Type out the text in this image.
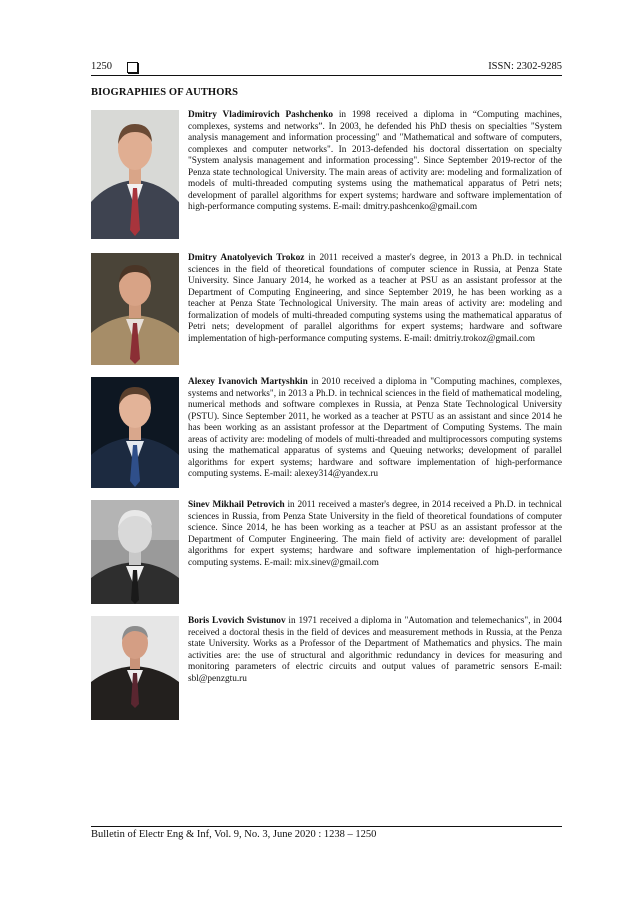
1250	ISSN: 2302-9285
BIOGRAPHIES OF AUTHORS
Dmitry Vladimirovich Pashchenko in 1998 received a diploma in “Computing machines, complexes, systems and networks”. In 2003, he defended his PhD thesis on specialties "System analysis management and information processing" and "Mathematical and software of computers, complexes and computer networks". In 2013-defended his doctoral dissertation on specialty "System analysis management and information processing". Since September 2019-rector of the Penza state technological University. The main areas of activity are: modeling and formalization of models of multi-threaded computing systems using the mathematical apparatus of Petri nets; development of parallel algorithms for expert systems; hardware and software implementation of high-performance computing systems. E-mail: dmitry.pashcenko@gmail.com
Dmitry Anatolyevich Trokoz in 2011 received a master's degree, in 2013 a Ph.D. in technical sciences in the field of theoretical foundations of computer science in Russia, at Penza State University. Since January 2014, he worked as a teacher at PSU as an assistant professor at the Department of Computing Engineering, and since September 2019, he has been working as a teacher at Penza State Technological University. The main areas of activity are: modeling and formalization of models of multi-threaded computing systems using the mathematical apparatus of Petri nets; development of parallel algorithms for expert systems; hardware and software implementation of high-performance computing systems. E-mail: dmitriy.trokoz@gmail.com
Alexey Ivanovich Martyshkin in 2010 received a diploma in "Computing machines, complexes, systems and networks", in 2013 a Ph.D. in technical sciences in the field of mathematical modeling, numerical methods and software complexes in Russia, at Penza State Technological University (PSTU). Since September 2011, he worked as a teacher at PSTU as an assistant and since 2014 he has been working as an assistant professor at the Department of Computing Systems. The main areas of activity are: modeling of models of multi-threaded and multiprocessors computing systems using the mathematical apparatus of systems and Queuing networks; development of parallel algorithms for expert systems; hardware and software implementation of high-performance computing systems. E-mail: alexey314@yandex.ru
Sinev Mikhail Petrovich in 2011 received a master's degree, in 2014 received a Ph.D. in technical sciences in Russia, from Penza State University in the field of theoretical foundations of computer science. Since 2014, he has been working as a teacher at PSU as an assistant professor at the Department of Computer Engineering. The main field of activity are: development of parallel algorithms for expert systems; hardware and software implementation of high-performance computing systems. E-mail: mix.sinev@gmail.com
Boris Lvovich Svistunov in 1971 received a diploma in "Automation and telemechanics", in 2004 received a doctoral thesis in the field of devices and measurement methods in Russia, at the Penza state University. Works as a Professor of the Department of Mathematics and physics. The main activities are: the use of structural and algorithmic redundancy in devices for measuring and monitoring parameters of electric circuits and output values of parametric sensors E-mail: sbl@penzgtu.ru
Bulletin of Electr Eng & Inf, Vol. 9, No. 3, June 2020 : 1238 – 1250
